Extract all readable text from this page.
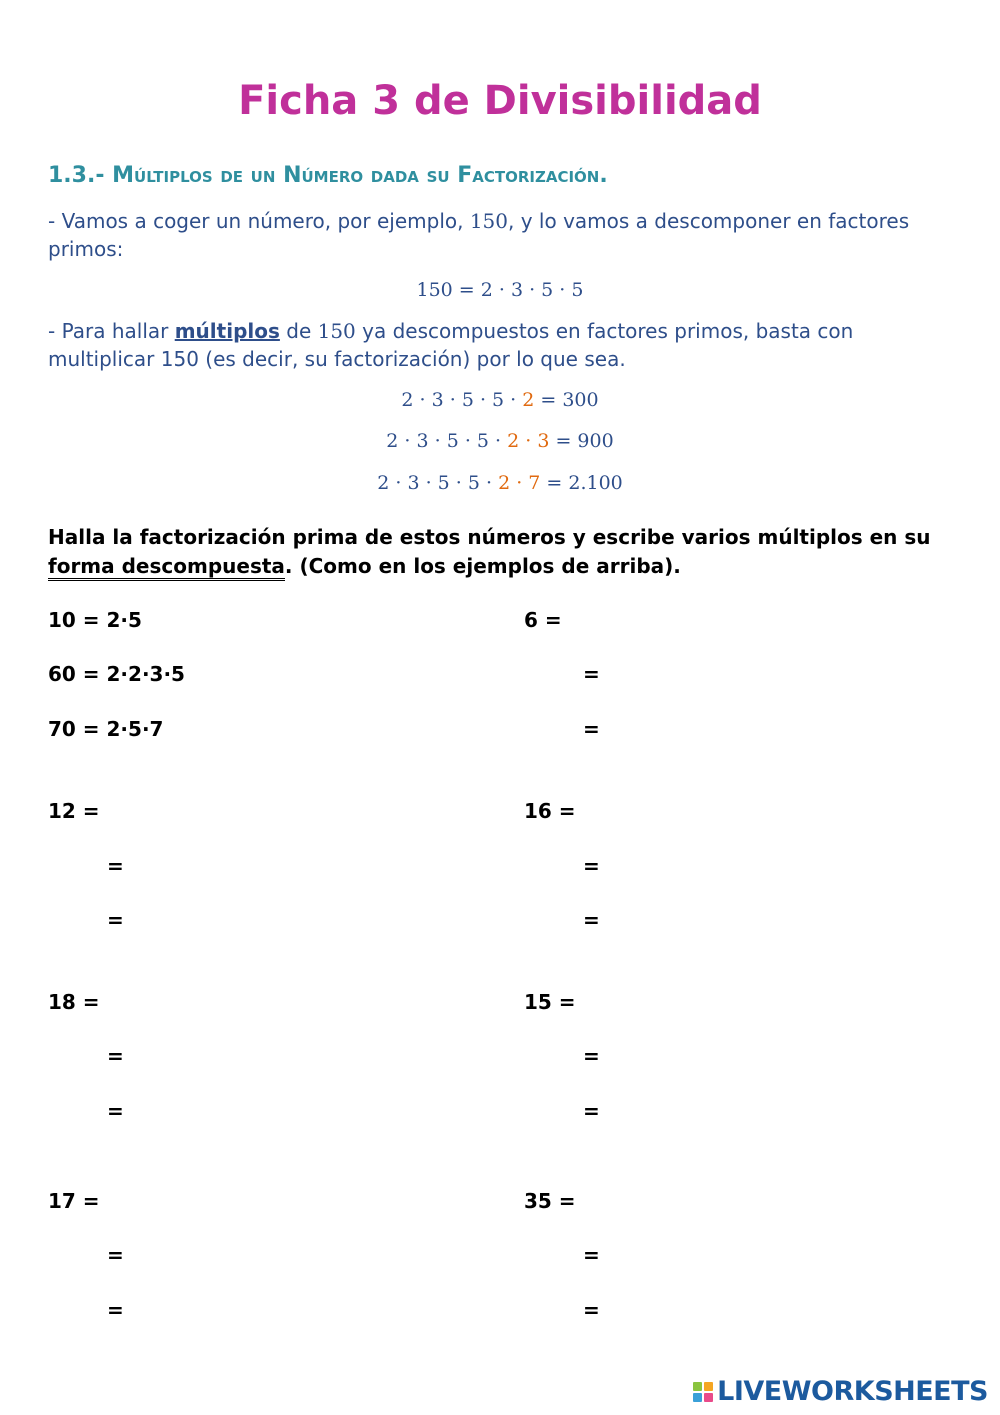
Ficha 3 de Divisibilidad
1.3.- Múltiplos de un Número dada su Factorización.
- Vamos a coger un número, por ejemplo, 150, y lo vamos a descomponer en factores primos:
150 = 2 · 3 · 5 · 5
- Para hallar múltiplos de 150 ya descompuestos en factores primos, basta con multiplicar 150 (es decir, su factorización) por lo que sea.
2 · 3 · 5 · 5 · 2 = 300
2 · 3 · 5 · 5 · 2 · 3 = 900
2 · 3 · 5 · 5 · 2 · 7 = 2.100
Halla la factorización prima de estos números y escribe varios múltiplos en su forma descompuesta. (Como en los ejemplos de arriba).
10 = 2·5
60 = 2·2·3·5
70 = 2·5·7
12 =
=
=
18 =
=
=
17 =
=
=
6 =
=
=
16 =
=
=
15 =
=
=
35 =
=
=
LIVEWORKSHEETS
